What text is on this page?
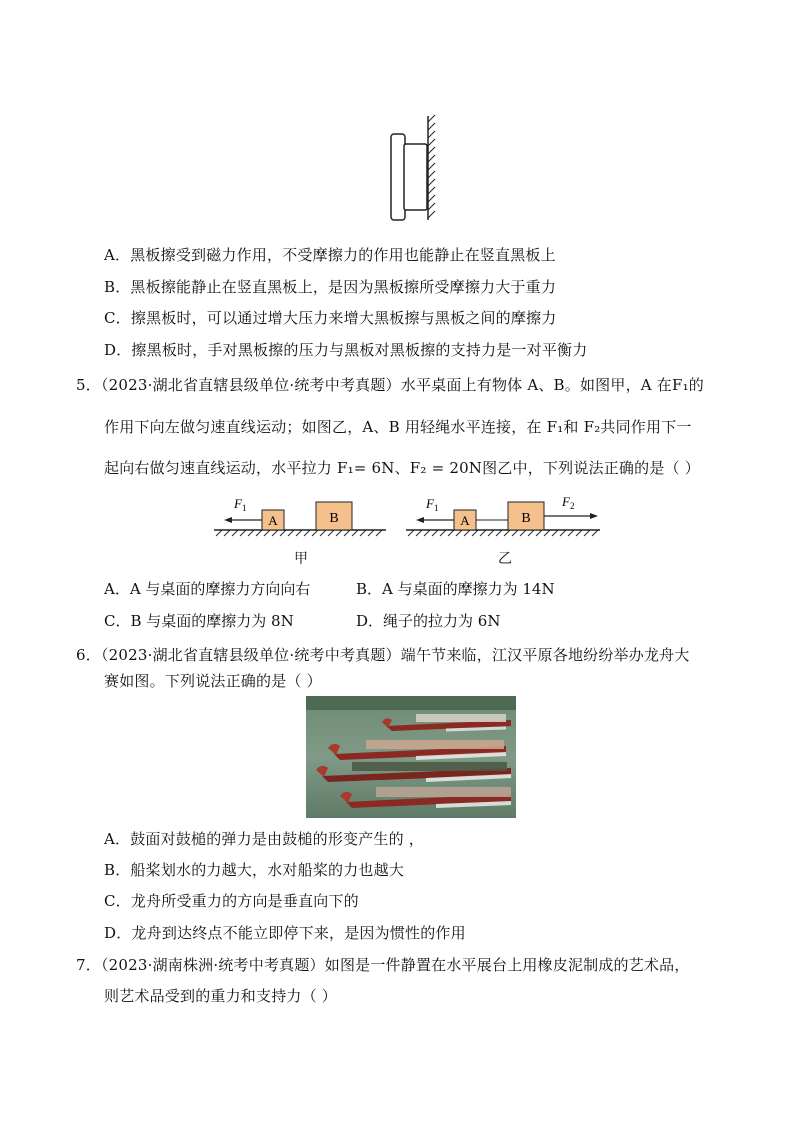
A．黑板擦受到磁力作用，不受摩擦力的作用也能静止在竖直黑板上
B．黑板擦能静止在竖直黑板上，是因为黑板擦所受摩擦力大于重力
C．擦黑板时，可以通过增大压力来增大黑板擦与黑板之间的摩擦力
D．擦黑板时，手对黑板擦的压力与黑板对黑板擦的支持力是一对平衡力
5．（2023·湖北省直辖县级单位·统考中考真题）水平桌面上有物体 A、B。如图甲，A 在F₁的
作用下向左做匀速直线运动；如图乙，A、B 用轻绳水平连接，在 F₁和 F₂共同作用下一
起向右做匀速直线运动，水平拉力 F₁= 6N、F₂ = 20N图乙中，下列说法正确的是（ ）
A	B
F 1
A	B
F 1	F 2
甲	乙
A．A 与桌面的摩擦力方向向右	B．A 与桌面的摩擦力为 14N
C．B 与桌面的摩擦力为 8N	D．绳子的拉力为 6N
6．（2023·湖北省直辖县级单位·统考中考真题）端午节来临，江汉平原各地纷纷举办龙舟大
赛如图。下列说法正确的是（ ）
A．鼓面对鼓槌的弹力是由鼓槌的形变产生的 ，
B．船桨划水的力越大，水对船桨的力也越大
C．龙舟所受重力的方向是垂直向下的
D．龙舟到达终点不能立即停下来，是因为惯性的作用
7．（2023·湖南株洲·统考中考真题）如图是一件静置在水平展台上用橡皮泥制成的艺术品，
则艺术品受到的重力和支持力（ ）
